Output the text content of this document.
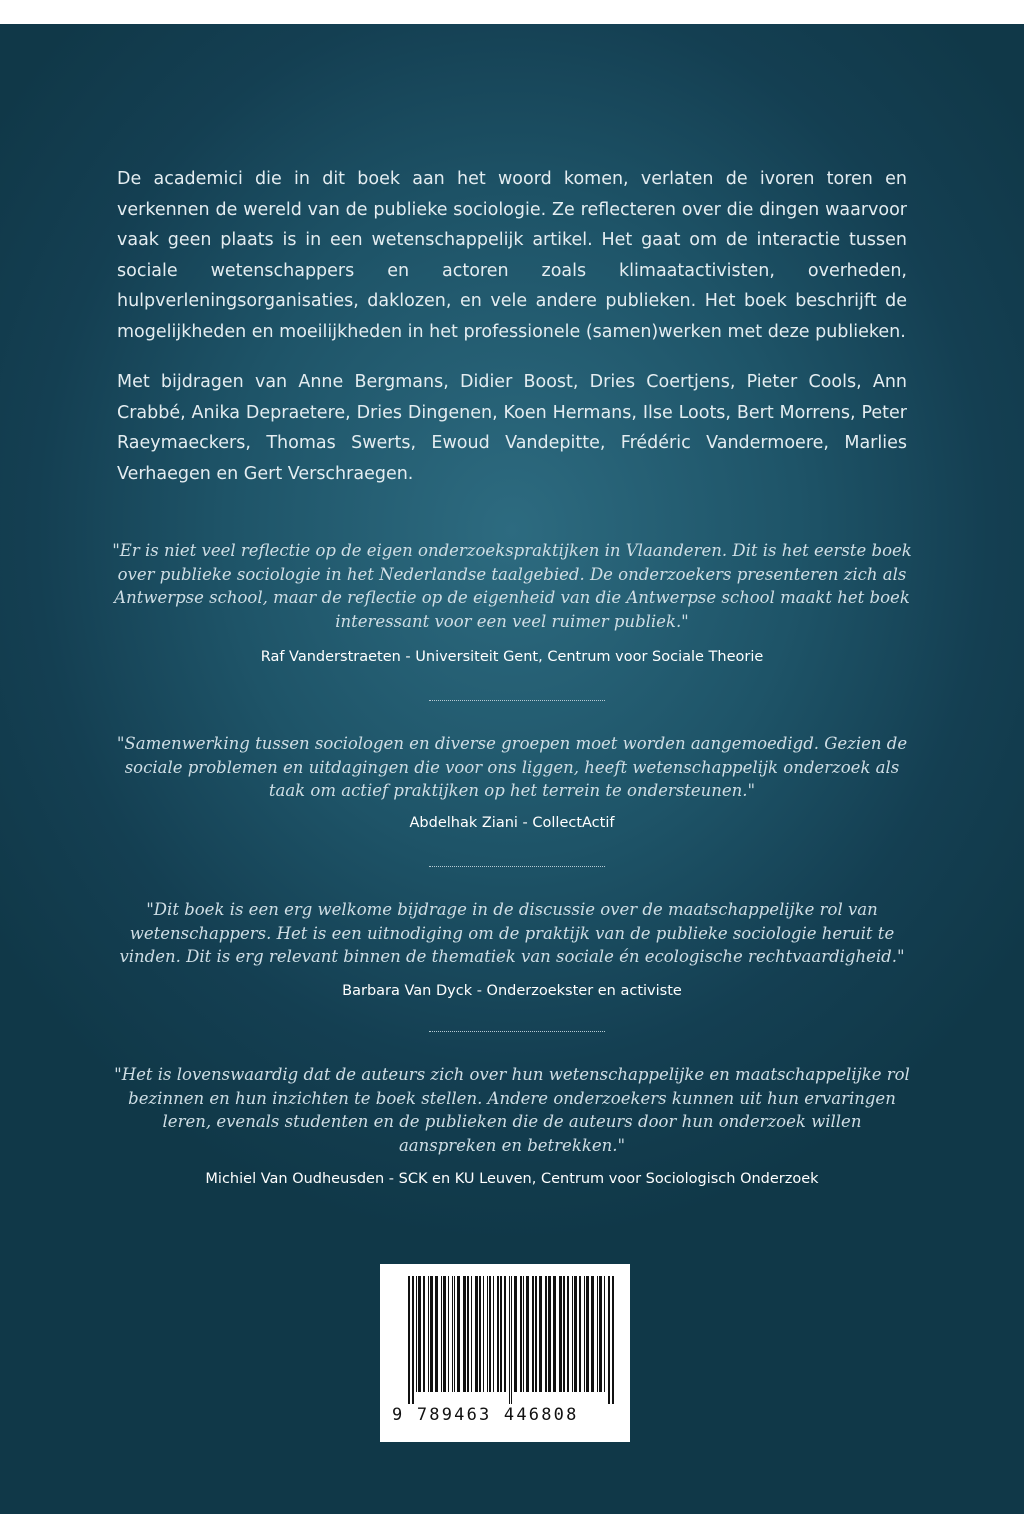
De academici die in dit boek aan het woord komen, verlaten de ivoren toren en verkennen de wereld van de publieke sociologie. Ze reflecteren over die dingen waarvoor vaak geen plaats is in een wetenschappelijk artikel. Het gaat om de interactie tussen sociale wetenschappers en actoren zoals klimaatactivisten, overheden, hulpverleningsorganisaties, daklozen, en vele andere publieken. Het boek beschrijft de mogelijkheden en moeilijkheden in het professionele (samen)werken met deze publieken.

Met bijdragen van Anne Bergmans, Didier Boost, Dries Coertjens, Pieter Cools, Ann Crabbé, Anika Depraetere, Dries Dingenen, Koen Hermans, Ilse Loots, Bert Morrens, Peter Raeymaeckers, Thomas Swerts, Ewoud Vandepitte, Frédéric Vandermoere, Marlies Verhaegen en Gert Verschraegen.

"Er is niet veel reflectie op de eigen onderzoekspraktijken in Vlaanderen. Dit is het eerste boek over publieke sociologie in het Nederlandse taalgebied. De onderzoekers presenteren zich als Antwerpse school, maar de reflectie op de eigenheid van die Antwerpse school maakt het boek interessant voor een veel ruimer publiek."

Raf Vanderstraeten - Universiteit Gent, Centrum voor Sociale Theorie

"Samenwerking tussen sociologen en diverse groepen moet worden aangemoedigd. Gezien de sociale problemen en uitdagingen die voor ons liggen, heeft wetenschappelijk onderzoek als taak om actief praktijken op het terrein te ondersteunen."

Abdelhak Ziani - CollectActif

"Dit boek is een erg welkome bijdrage in de discussie over de maatschappelijke rol van wetenschappers. Het is een uitnodiging om de praktijk van de publieke sociologie heruit te vinden. Dit is erg relevant binnen de thematiek van sociale én ecologische rechtvaardigheid."

Barbara Van Dyck - Onderzoekster en activiste

"Het is lovenswaardig dat de auteurs zich over hun wetenschappelijke en maatschappelijke rol bezinnen en hun inzichten te boek stellen. Andere onderzoekers kunnen uit hun ervaringen leren, evenals studenten en de publieken die de auteurs door hun onderzoek willen aanspreken en betrekken."

Michiel Van Oudheusden - SCK en KU Leuven, Centrum voor Sociologisch Onderzoek

9 789463 446808
